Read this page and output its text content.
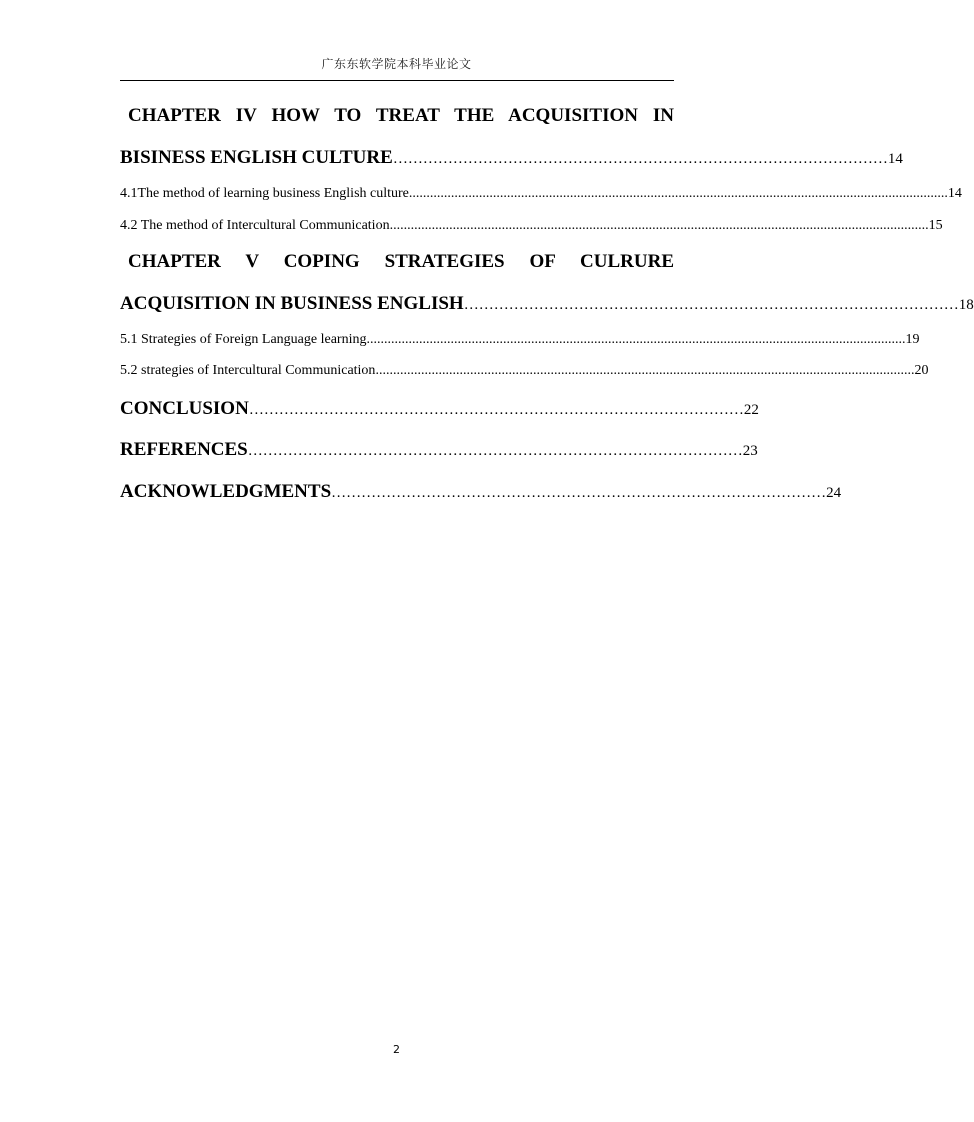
广东东软学院本科毕业论文
CHAPTER IV HOW TO TREAT THE ACQUISITION IN
BISINESS ENGLISH CULTURE ……………………………………………………………………………………… 14
4.1The method of learning business English culture .......................................................................................................................................................... 14
4.2 The method of Intercultural Communication .......................................................................................................................................................... 15
CHAPTER V COPING STRATEGIES OF CULRURE
ACQUISITION IN BUSINESS ENGLISH ……………………………………………………………………………………… 18
5.1 Strategies of Foreign Language learning .......................................................................................................................................................... 19
5.2 strategies of Intercultural Communication .......................................................................................................................................................... 20
CONCLUSION ……………………………………………………………………………………… 22
REFERENCES ……………………………………………………………………………………… 23
ACKNOWLEDGMENTS ……………………………………………………………………………………… 24
2
